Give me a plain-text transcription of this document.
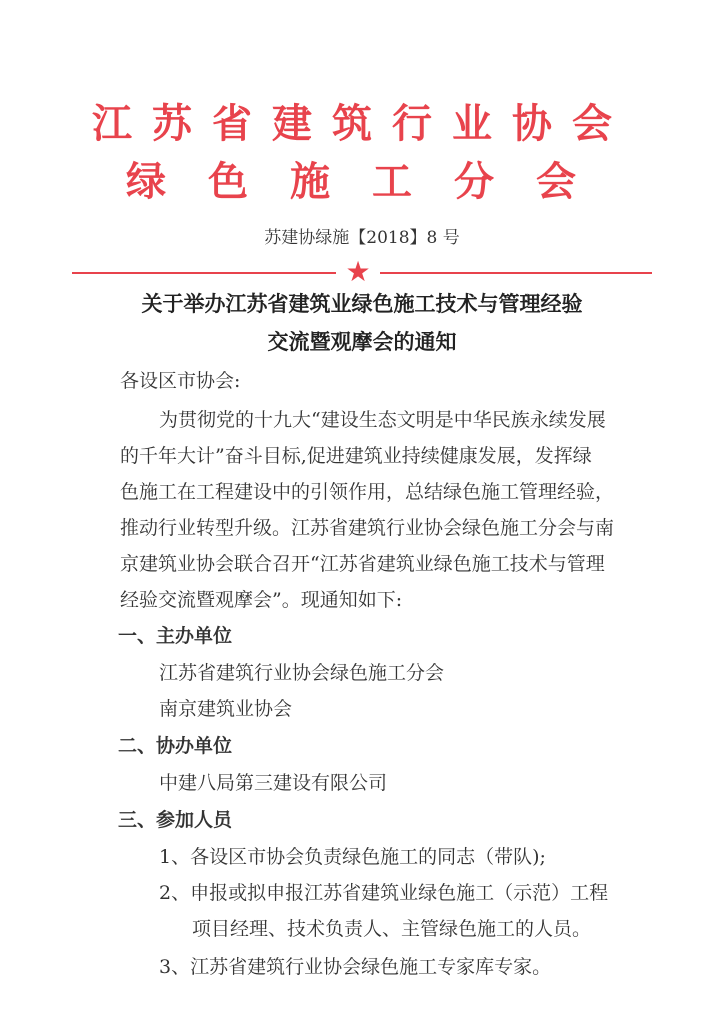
江苏省建筑行业协会
绿色施工分会
苏建协绿施【2018】8 号
★
关于举办江苏省建筑业绿色施工技术与管理经验
交流暨观摩会的通知
各设区市协会:
为贯彻党的十九大“建设生态文明是中华民族永续发展
的千年大计”奋斗目标,促进建筑业持续健康发展，发挥绿
色施工在工程建设中的引领作用，总结绿色施工管理经验，
推动行业转型升级。江苏省建筑行业协会绿色施工分会与南
京建筑业协会联合召开“江苏省建筑业绿色施工技术与管理
经验交流暨观摩会”。现通知如下:
一、主办单位
江苏省建筑行业协会绿色施工分会
南京建筑业协会
二、协办单位
中建八局第三建设有限公司
三、参加人员
1、各设区市协会负责绿色施工的同志（带队);
2、申报或拟申报江苏省建筑业绿色施工（示范）工程
项目经理、技术负责人、主管绿色施工的人员。
3、江苏省建筑行业协会绿色施工专家库专家。
